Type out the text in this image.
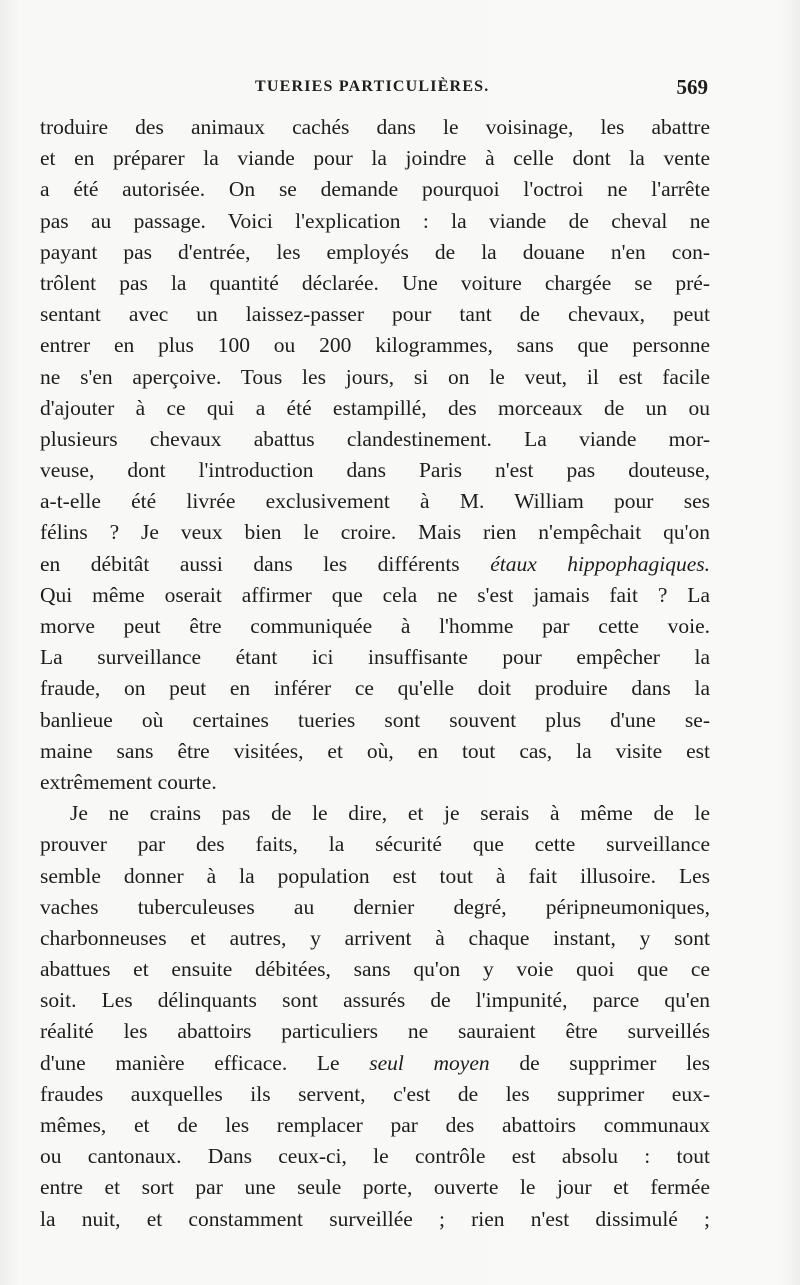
TUERIES PARTICULIÈRES.	569
troduire des animaux cachés dans le voisinage, les abattre
et en préparer la viande pour la joindre à celle dont la vente
a été autorisée. On se demande pourquoi l'octroi ne l'arrête
pas au passage. Voici l'explication : la viande de cheval ne
payant pas d'entrée, les employés de la douane n'en con-
trôlent pas la quantité déclarée. Une voiture chargée se pré-
sentant avec un laissez-passer pour tant de chevaux, peut
entrer en plus 100 ou 200 kilogrammes, sans que personne
ne s'en aperçoive. Tous les jours, si on le veut, il est facile
d'ajouter à ce qui a été estampillé, des morceaux de un ou
plusieurs chevaux abattus clandestinement. La viande mor-
veuse, dont l'introduction dans Paris n'est pas douteuse,
a-t-elle été livrée exclusivement à M. William pour ses
félins ? Je veux bien le croire. Mais rien n'empêchait qu'on
en débitât aussi dans les différents étaux hippophagiques.
Qui même oserait affirmer que cela ne s'est jamais fait ? La
morve peut être communiquée à l'homme par cette voie.
La surveillance étant ici insuffisante pour empêcher la
fraude, on peut en inférer ce qu'elle doit produire dans la
banlieue où certaines tueries sont souvent plus d'une se-
maine sans être visitées, et où, en tout cas, la visite est
extrêmement courte.
Je ne crains pas de le dire, et je serais à même de le
prouver par des faits, la sécurité que cette surveillance
semble donner à la population est tout à fait illusoire. Les
vaches tuberculeuses au dernier degré, péripneumoniques,
charbonneuses et autres, y arrivent à chaque instant, y sont
abattues et ensuite débitées, sans qu'on y voie quoi que ce
soit. Les délinquants sont assurés de l'impunité, parce qu'en
réalité les abattoirs particuliers ne sauraient être surveillés
d'une manière efficace. Le seul moyen de supprimer les
fraudes auxquelles ils servent, c'est de les supprimer eux-
mêmes, et de les remplacer par des abattoirs communaux
ou cantonaux. Dans ceux-ci, le contrôle est absolu : tout
entre et sort par une seule porte, ouverte le jour et fermée
la nuit, et constamment surveillée ; rien n'est dissimulé ;
